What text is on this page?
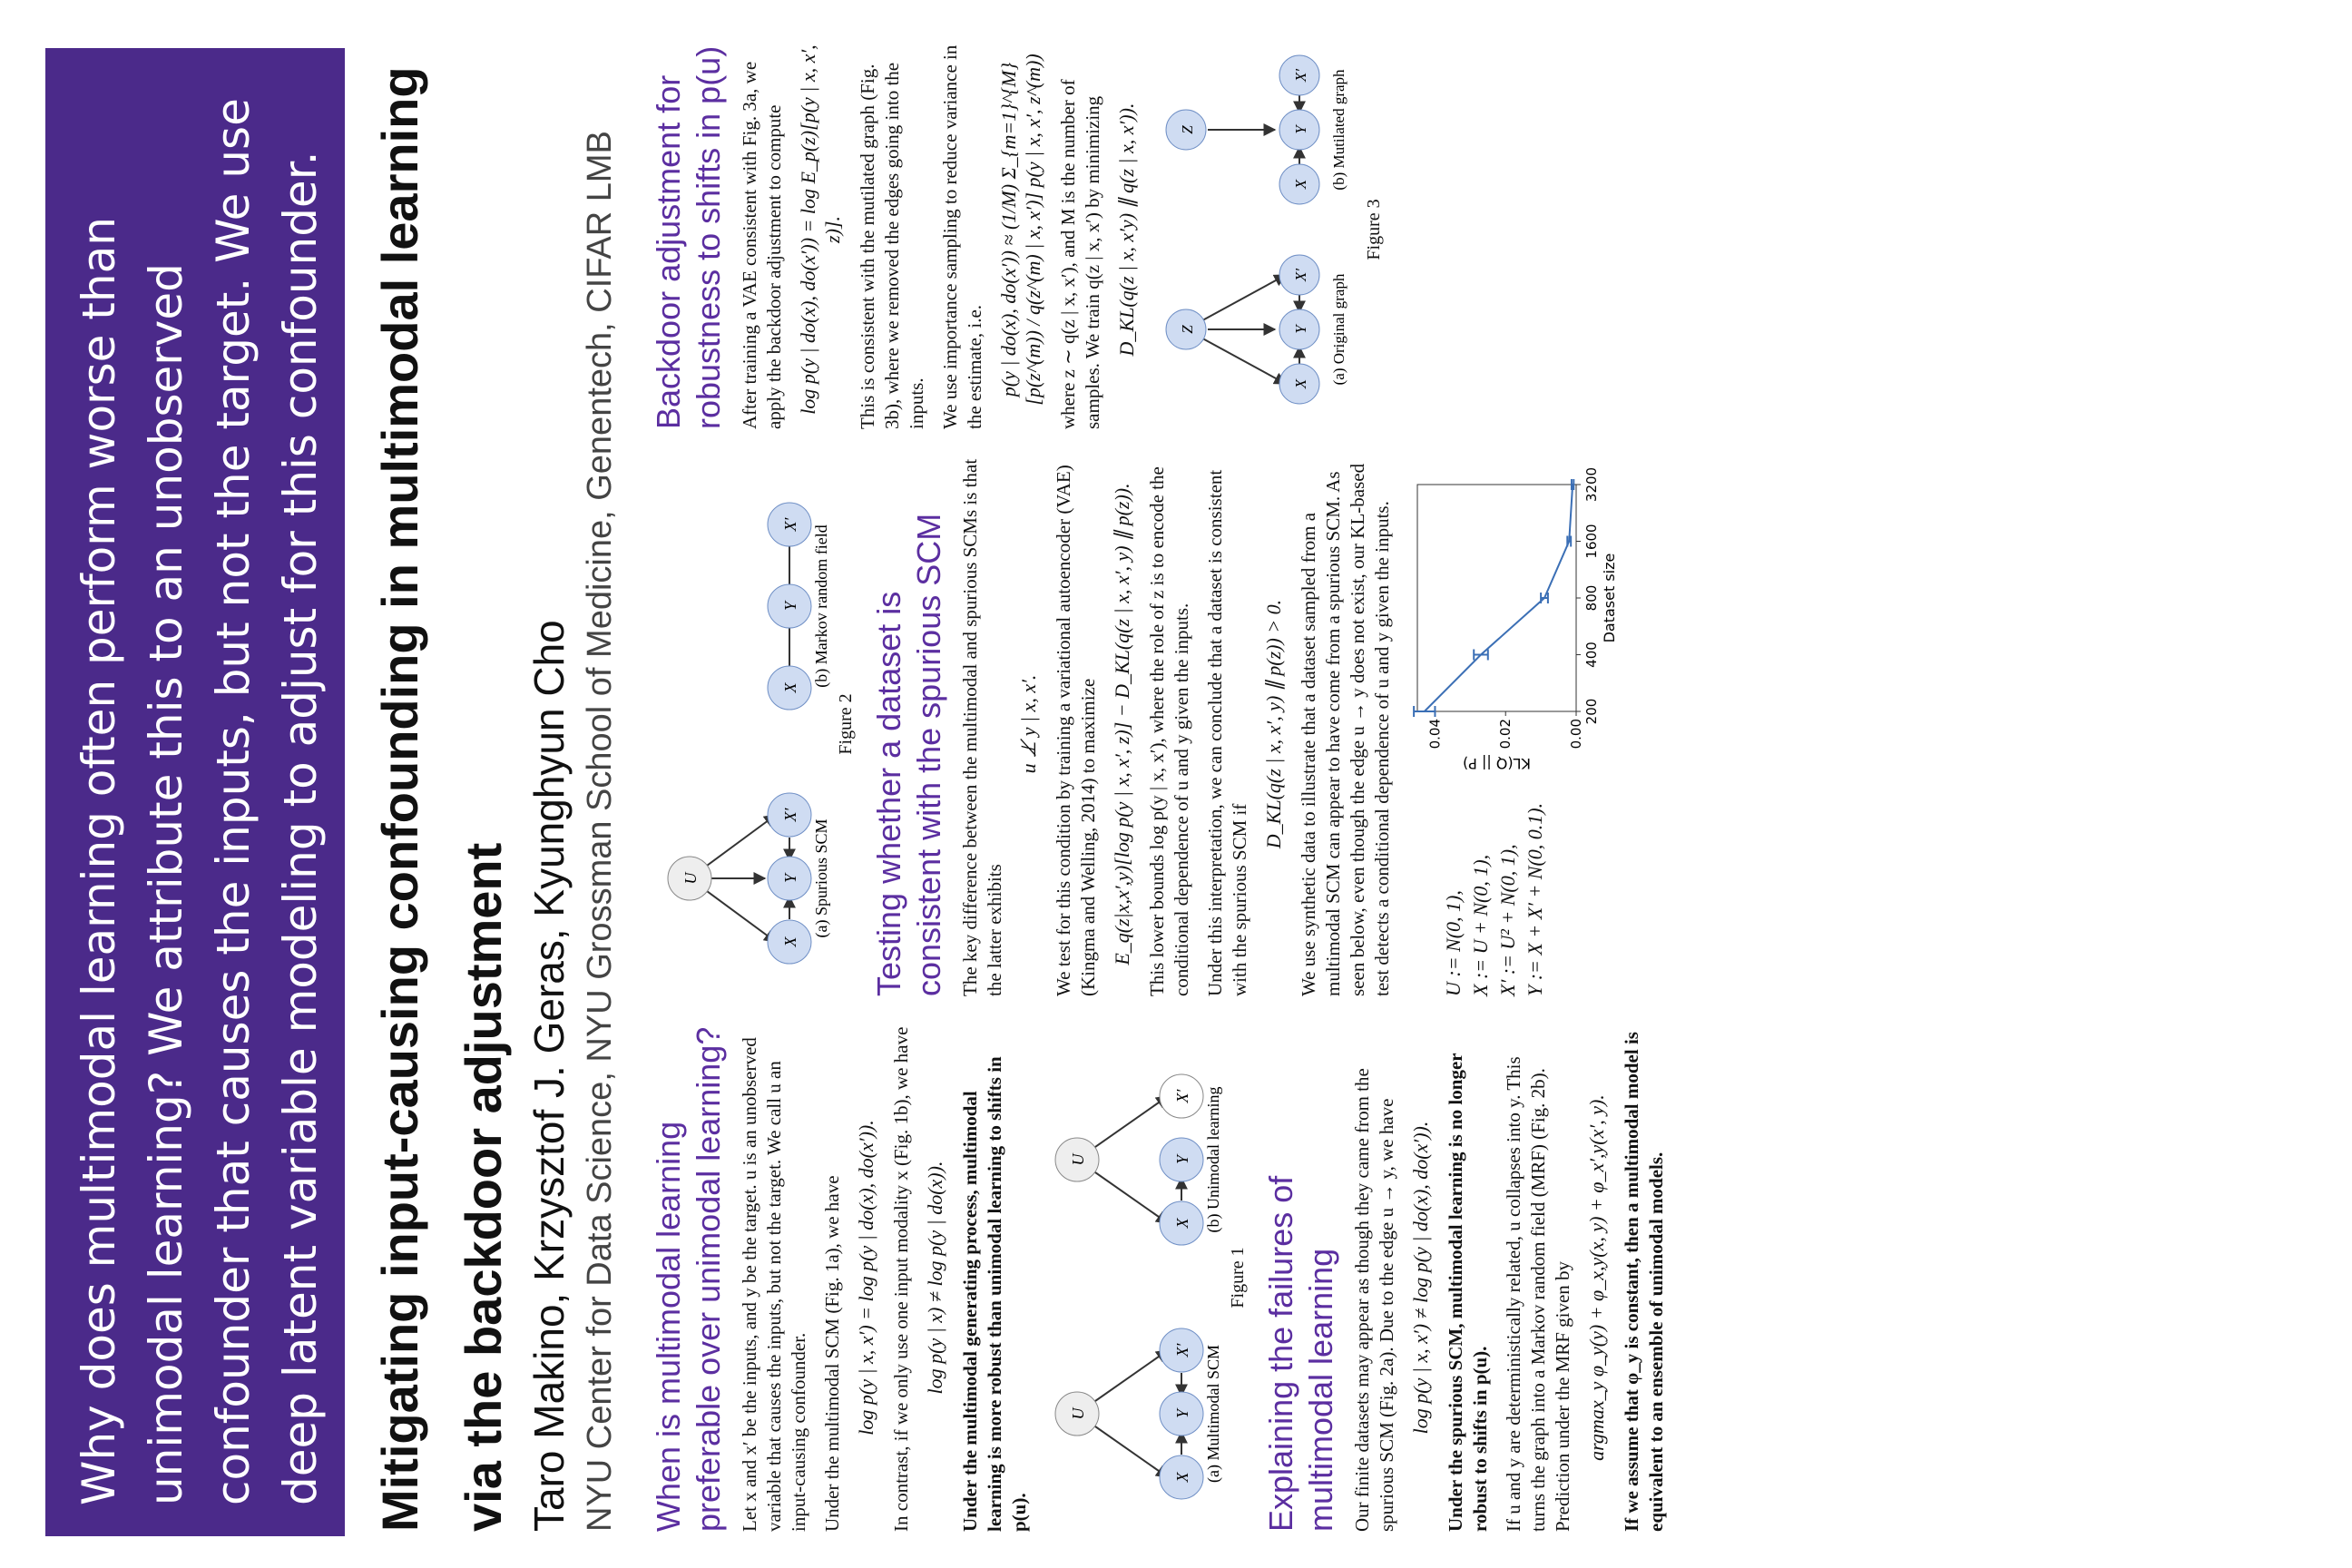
Why does multimodal learning often perform worse than unimodal learning? We attribute this to an unobserved confounder that causes the inputs, but not the target. We use deep latent variable modeling to adjust for this confounder. Mitigating input-causing confounding in multimodal learning via the backdoor adjustment Taro Makino, Krzysztof J. Geras, Kyunghyun Cho NYU Center for Data Science, NYU Grossman School of Medicine, Genentech, CIFAR LMB When is multimodal learning preferable over unimodal learning? Let x and x′ be the inputs, and y be the target. u is an unobserved variable that causes the inputs, but not the target. We call u an input-causing confounder. Under the multimodal SCM (Fig. 1a), we have log p(y | x, x′) = log p(y | do(x), do(x′)). In contrast, if we only use one input modality x (Fig. 1b), we have log p(y | x) ≠ log p(y | do(x)). Under the multimodal generating process, multimodal learning is more robust than unimodal learning to shifts in p(u).

U
X
Y
X′ (a) Multimodal SCM
U
X
Y
X′ (b) Unimodal learning
Figure 1 Explaining the failures of multimodal learning Our finite datasets may appear as though they came from the spurious SCM (Fig. 2a). Due to the edge u → y, we have log p(y | x, x′) ≠ log p(y | do(x), do(x′)). Under the spurious SCM, multimodal learning is no longer robust to shifts in p(u). If u and y are deterministically related, u collapses into y. This turns the graph into a Markov random field (MRF) (Fig. 2b). Prediction under the MRF given by argmax_y φ_y(y) + φ_x,y(x, y) + φ_x′,y(x′, y). If we assume that φ_y is constant, then a multimodal model is equivalent to an ensemble of unimodal models.

U
X
Y
X′
(a) Spurious SCM
X
Y
X′
(b) Markov random field
Figure 2 Testing whether a dataset is consistent with the spurious SCM The key difference between the multimodal and spurious SCMs is that the latter exhibits

u ⊥̸ y | x, x′. We test for this condition by training a variational autoencoder (VAE) (Kingma and Welling, 2014) to maximize E_q(z|x,x′,y)[log p(y | x, x′, z)] − D_KL(q(z | x, x′, y) ∥ p(z)). This lower bounds log p(y | x, x′), where the role of z is to encode the conditional dependence of u and y given the inputs. Under this interpretation, we can conclude that a dataset is consistent with the spurious SCM if

D_KL(q(z | x, x′, y) ∥ p(z)) > 0. We use synthetic data to illustrate that a dataset sampled from a multimodal SCM can appear to have come from a spurious SCM. As seen below, even though the edge u → y does not exist, our KL-based test detects a conditional dependence of u and y given the inputs. U := N(0, 1), X := U + N(0, 1), X′ := U² + N(0, 1), Y := X + X′ + N(0, 0.1).
200
400
800
1600
3200
0.00
0.02
0.04
Dataset size
KL(Q || P)
Backdoor adjustment for robustness to shifts in p(u) After training a VAE consistent with Fig. 3a, we apply the backdoor adjustment to compute log p(y | do(x), do(x′)) = log E_p(z)[p(y | x, x′, z)]. This is consistent with the mutilated graph (Fig. 3b), where we removed the edges going into the inputs. We use importance sampling to reduce variance in the estimate, i.e. p(y | do(x), do(x′)) ≈ (1/M) Σ_{m=1}^{M} [p(z^(m)) / q(z^(m) | x, x′)] p(y | x, x′, z^(m)) where z ∼ q(z | x, x′), and M is the number of samples. We train q(z | x, x′) by minimizing D_KL(q(z | x, x′y) ∥ q(z | x, x′)).	Z
X
Y
X′ (a) Original graph
Z
X
Y
X′ (b) Mutilated graph
Figure 3
